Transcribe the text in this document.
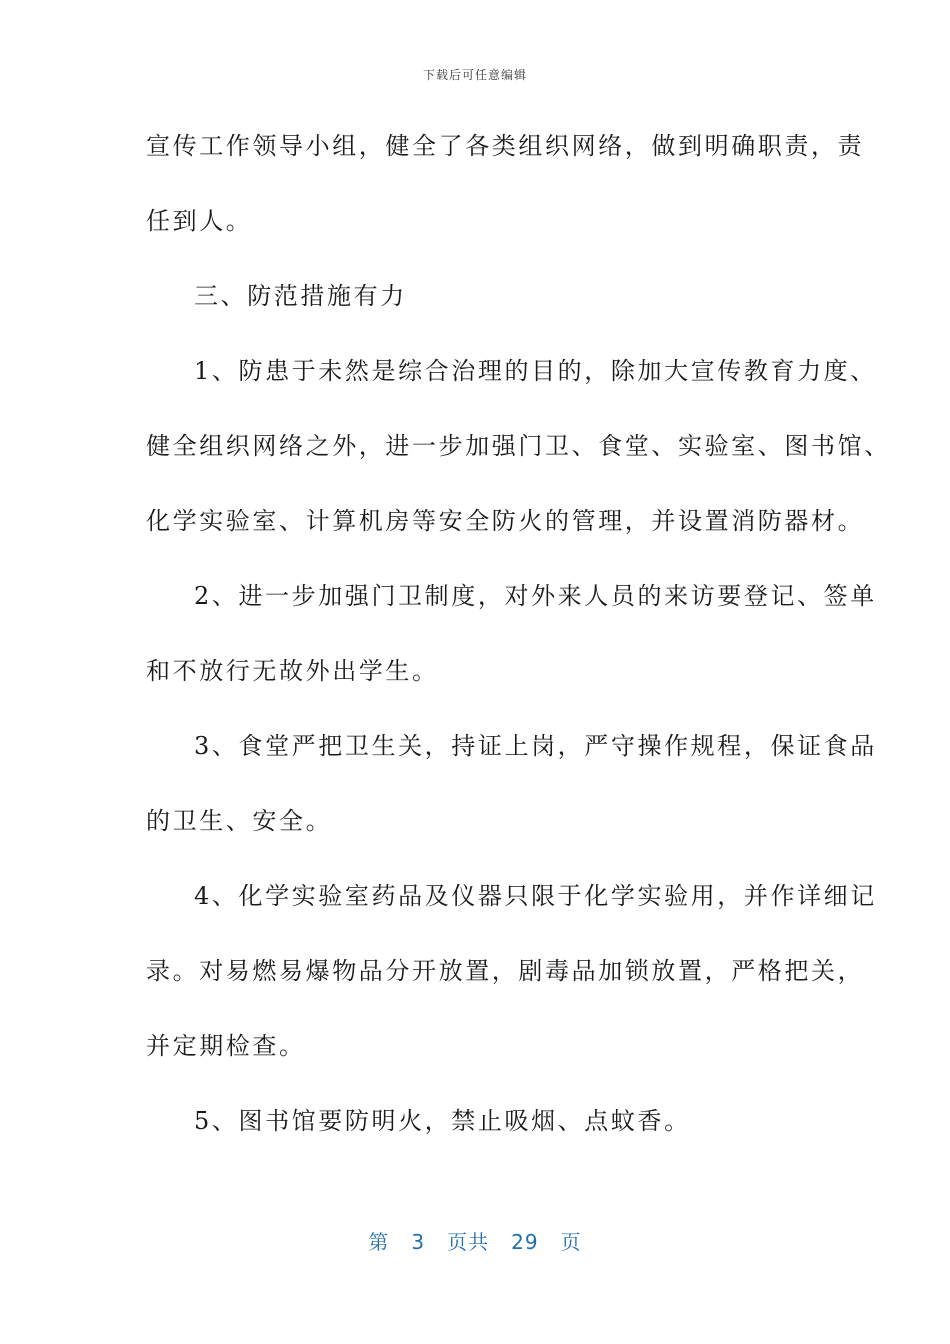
下载后可任意编辑
宣传工作领导小组，健全了各类组织网络，做到明确职责，责
任到人。
三、防范措施有力
1、防患于未然是综合治理的目的，除加大宣传教育力度、
健全组织网络之外，进一步加强门卫、食堂、实验室、图书馆、
化学实验室、计算机房等安全防火的管理，并设置消防器材。
2、进一步加强门卫制度，对外来人员的来访要登记、签单
和不放行无故外出学生。
3、食堂严把卫生关，持证上岗，严守操作规程，保证食品
的卫生、安全。
4、化学实验室药品及仪器只限于化学实验用，并作详细记
录。对易燃易爆物品分开放置，剧毒品加锁放置，严格把关，
并定期检查。
5、图书馆要防明火，禁止吸烟、点蚊香。
第 3 页共 29 页
